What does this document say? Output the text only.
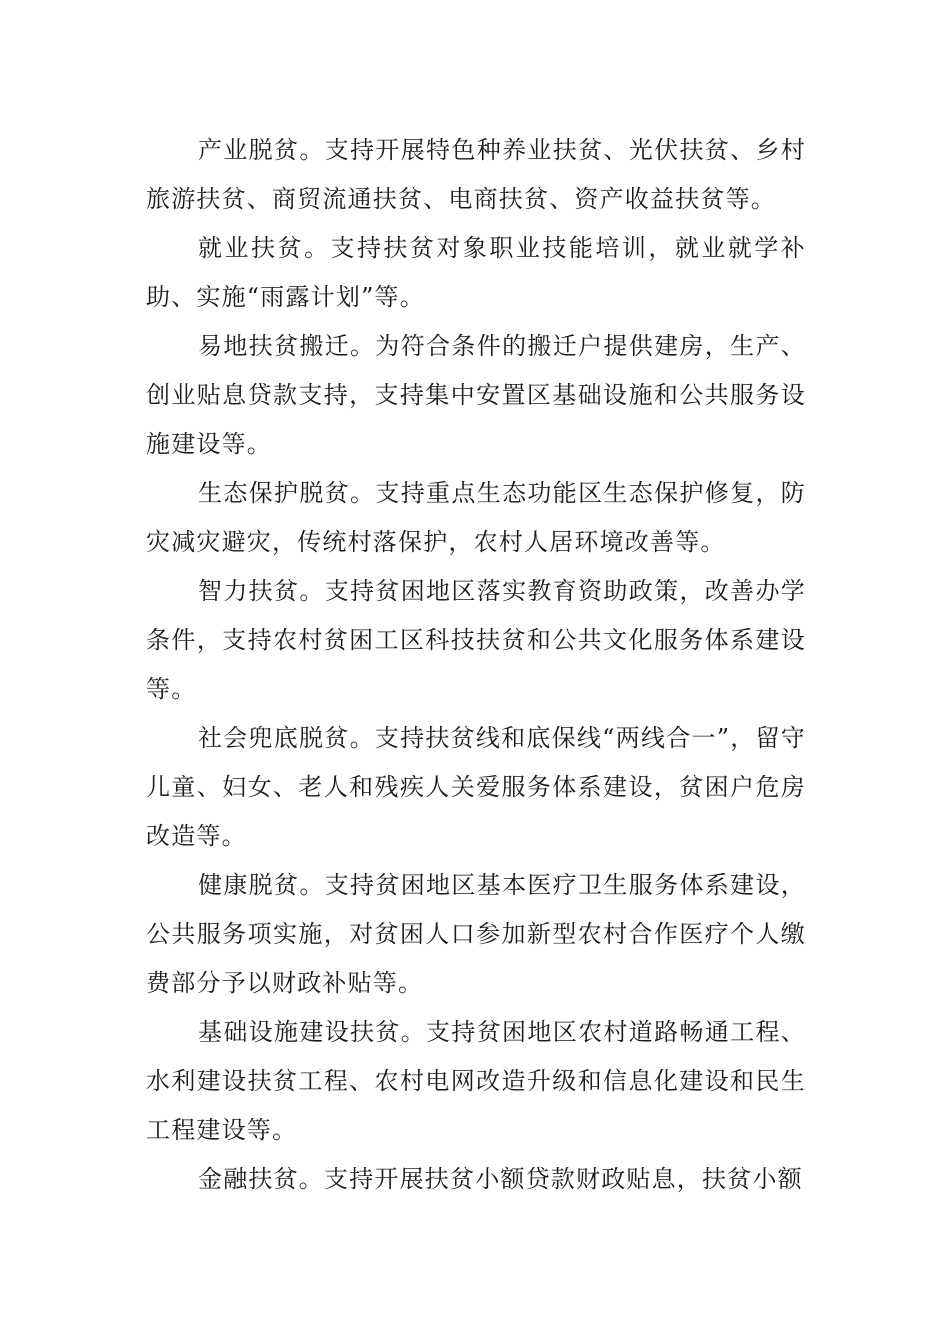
产业脱贫。支持开展特色种养业扶贫、光伏扶贫、乡村旅游扶贫、商贸流通扶贫、电商扶贫、资产收益扶贫等。

就业扶贫。支持扶贫对象职业技能培训，就业就学补助、实施“雨露计划”等。

易地扶贫搬迁。为符合条件的搬迁户提供建房，生产、创业贴息贷款支持，支持集中安置区基础设施和公共服务设施建设等。

生态保护脱贫。支持重点生态功能区生态保护修复，防灾减灾避灾，传统村落保护，农村人居环境改善等。

智力扶贫。支持贫困地区落实教育资助政策，改善办学条件，支持农村贫困工区科技扶贫和公共文化服务体系建设等。

社会兜底脱贫。支持扶贫线和底保线“两线合一”，留守儿童、妇女、老人和残疾人关爱服务体系建设，贫困户危房改造等。

健康脱贫。支持贫困地区基本医疗卫生服务体系建设，公共服务项实施，对贫困人口参加新型农村合作医疗个人缴费部分予以财政补贴等。

基础设施建设扶贫。支持贫困地区农村道路畅通工程、水利建设扶贫工程、农村电网改造升级和信息化建设和民生工程建设等。

金融扶贫。支持开展扶贫小额贷款财政贴息，扶贫小额
